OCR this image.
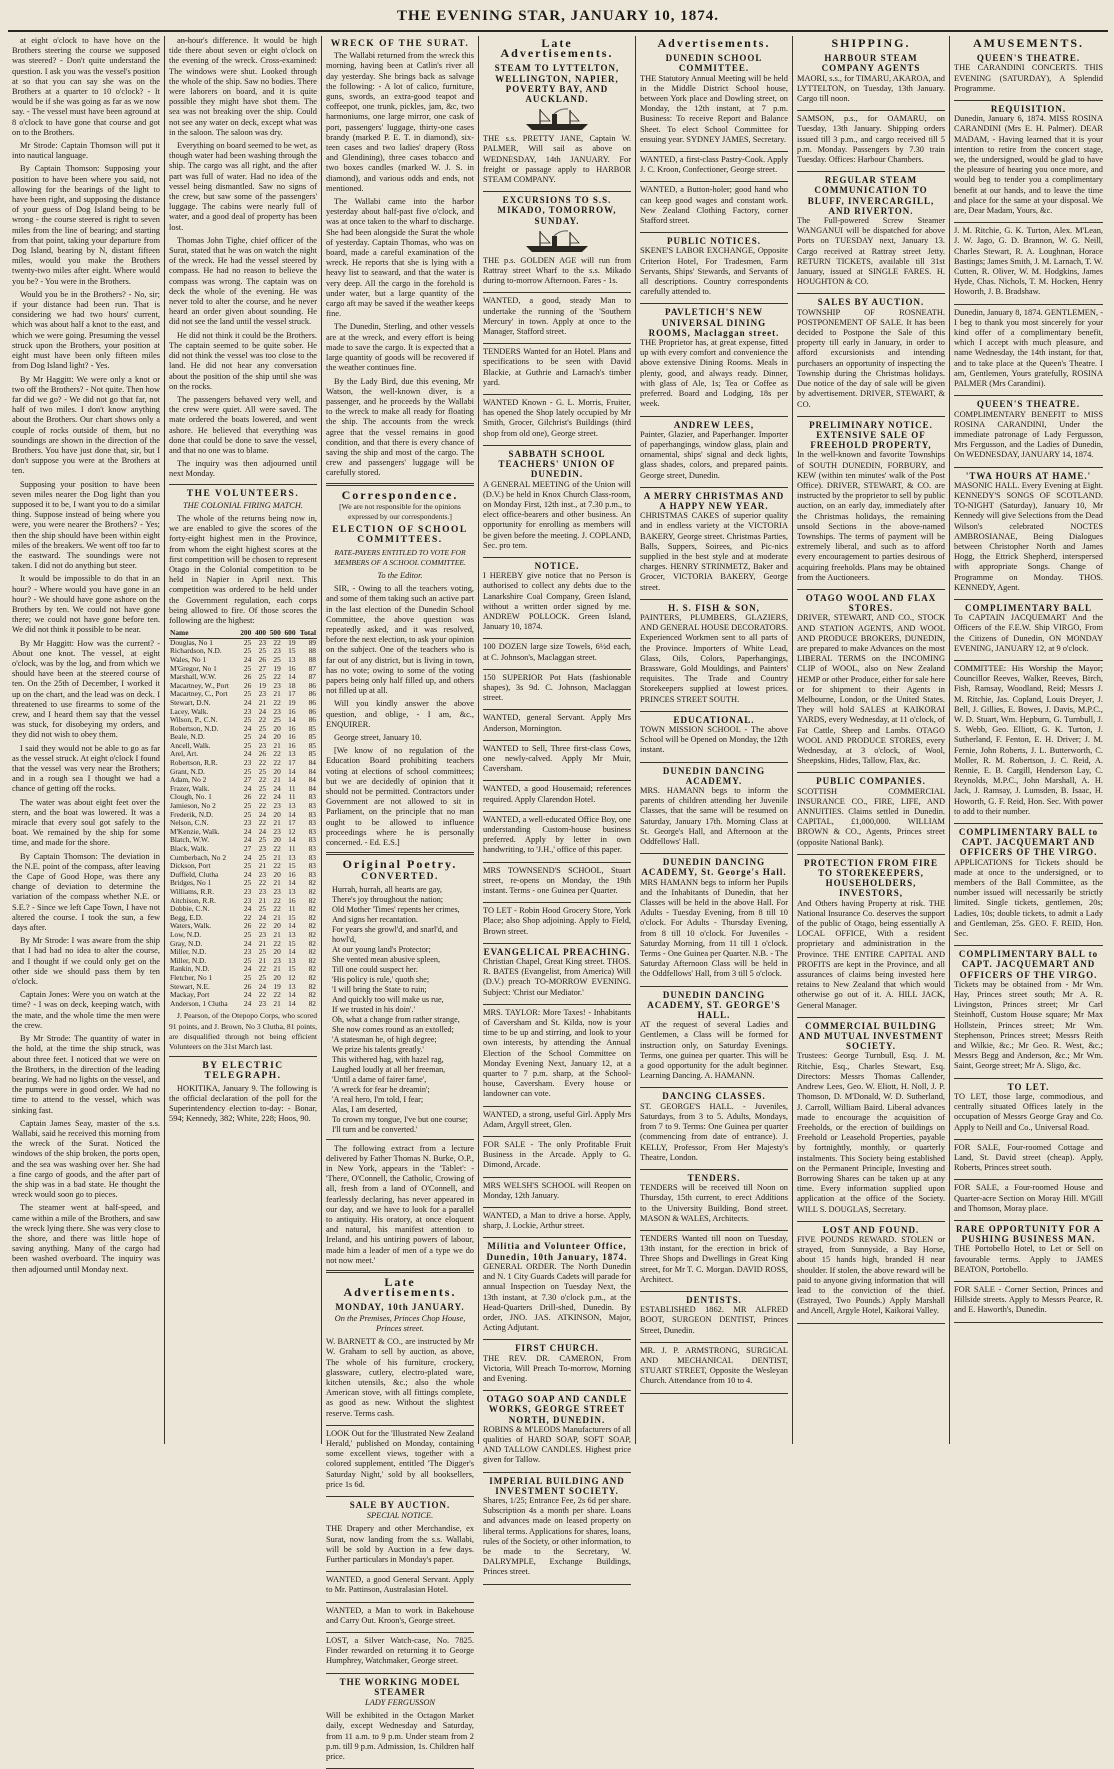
THE EVENING STAR, JANUARY 10, 1874.

at eight o'clock to have hove on the Brothers steering the course we supposed was steered? - Don't quite understand the question. I ask you was the vessel's position at so that you can say she was on the Brothers at a quarter to 10 o'clock? - It would be if she was going as far as we now say. - The vessel must have been aground at 8 o'clock to have gone that course and got on to the Brothers.

Mr Strode: Captain Thomson will put it into nautical language.

By Captain Thomson: Supposing your position to have been where you said, not allowing for the bearings of the light to have been right, and supposing the distance of your guess of Dog Island being to be wrong - the course steered is right to seven miles from the line of bearing; and starting from that point, taking your departure from Dog Island, bearing by N, distant fifteen miles, would you make the Brothers twenty-two miles after eight. Where would you be? - You were in the Brothers.

Would you be in the Brothers? - No, sir; if your distance had been run. That is considering we had two hours' current, which was about half a knot to the east, and which we were going. Presuming the vessel struck upon the Brothers, your position at eight must have been only fifteen miles from Dog Island light? - Yes.

By Mr Haggitt: We were only a knot or two off the Brothers? - Not quite. Then how far did we go? - We did not go that far, not half of two miles. I don't know anything about the Brothers. Our chart shows only a couple of rocks outside of them, but no soundings are shown in the direction of the Brothers. You have just done that, sir, but I don't suppose you were at the Brothers at ten.

Supposing your position to have been seven miles nearer the Dog light than you supposed it to be, I want you to do a similar thing. Suppose instead of being where you were, you were nearer the Brothers? - Yes; then the ship should have been within eight miles of the breakers. We went off too far to the eastward. The soundings were not taken. I did not do anything but steer.

It would be impossible to do that in an hour? - Where would you have gone in an hour? - We should have gone ashore on the Brothers by ten. We could not have gone there; we could not have gone before ten. We did not think it possible to be near.

By Mr Haggitt: How was the current? - About one knot. The vessel, at eight o'clock, was by the log, and from which we should have been at the steered course of ten. On the 25th of December, I worked it up on the chart, and the lead was on deck. I threatened to use firearms to some of the crew, and I heard them say that the vessel was stuck, for disobeying my orders, and they did not wish to obey them.

I said they would not be able to go as far as the vessel struck. At eight o'clock I found that the vessel was very near the Brothers; and in a rough sea I thought we had a chance of getting off the rocks.

The water was about eight feet over the stern, and the boat was lowered. It was a miracle that every soul got safely to the boat. We remained by the ship for some time, and made for the shore.

By Captain Thomson: The deviation in the N.E. point of the compass, after leaving the Cape of Good Hope, was there any change of deviation to determine the variation of the compass whether N.E. or S.E.? - Since we left Cape Town, I have not altered the course. I took the sun, a few days after.

By Mr Strode: I was aware from the ship that I had had no idea to alter the course, and I thought if we could only get on the other side we should pass them by ten o'clock.

Captain Jones: Were you on watch at the time? - I was on deck, keeping watch, with the mate, and the whole time the men were the crew.

By Mr Strode: The quantity of water in the hold, at the time the ship struck, was about three feet. I noticed that we were on the Brothers, in the direction of the leading bearing. We had no lights on the vessel, and the pumps were in good order. We had no time to attend to the vessel, which was sinking fast.

Captain James Seay, master of the s.s. Wallabi, said he received this morning from the wreck of the Surat. Noticed the windows of the ship broken, the ports open, and the sea was washing over her. She had a fine cargo of goods, and the after part of the ship was in a bad state. He thought the wreck would soon go to pieces.

The steamer went at half-speed, and came within a mile of the Brothers, and saw the wreck lying there. She was very close to the shore, and there was little hope of saving anything. Many of the cargo had been washed overboard. The inquiry was then adjourned until Monday next.

an-hour's difference. It would be high tide there about seven or eight o'clock on the evening of the wreck. Cross-examined: The windows were shut. Looked through the whole of the ship. Saw no bodies. There were laborers on board, and it is quite possible they might have shot them. The sea was not breaking over the ship. Could not see any water on deck, except what was in the saloon. The saloon was dry.

Everything on board seemed to be wet, as though water had been washing through the ship. The cargo was all right, and the after part was full of water. Had no idea of the vessel being dismantled. Saw no signs of the crew, but saw some of the passengers' luggage. The cabins were nearly full of water, and a good deal of property has been lost.

Thomas John Tighe, chief officer of the Surat, stated that he was on watch the night of the wreck. He had the vessel steered by compass. He had no reason to believe the compass was wrong. The captain was on deck the whole of the evening. He was never told to alter the course, and he never heard an order given about sounding. He did not see the land until the vessel struck.

He did not think it could be the Brothers. The captain seemed to be quite sober. He did not think the vessel was too close to the land. He did not hear any conversation about the position of the ship until she was on the rocks.

The passengers behaved very well, and the crew were quiet. All were saved. The mate ordered the boats lowered, and went ashore. He believed that everything was done that could be done to save the vessel, and that no one was to blame.

The inquiry was then adjourned until next Monday.

THE VOLUNTEERS.
THE COLONIAL FIRING MATCH.

The whole of the returns being now in, we are enabled to give the scores of the forty-eight highest men in the Province, from whom the eight highest scores at the first competition will be chosen to represent Otago in the Colonial competition to be held in Napier in April next. This competition was ordered to be held under the Government regulation, each corps being allowed to fire. Of those scores the following are the highest:

Name	200	400	500	600	Total
Douglas, No 1	25	23	22	19	89
Richardson, N.D.	25	25	23	15	88
Wales, No 1	24	26	25	13	88
M'Gregor, No 1	25	27	19	16	87
Marshall, W.W.	26	25	22	14	87
Macartney, W., Port	26	19	23	18	86
Macartney, C., Port	25	23	21	17	86
Stewart, D.N.	24	21	22	19	86
Lacey, Walk.	23	24	23	16	86
Wilson, P., C.N.	25	22	25	14	86
Robertson, N.D.	24	25	20	16	85
Beale, N.D.	25	24	20	16	85
Ancell, Walk.	25	23	21	16	85
Arel, Art.	24	26	22	13	85
Robertson, R.R.	23	22	22	17	84
Grant, N.D.	25	25	20	14	84
Adam, No 2	27	22	21	14	84
Frazer, Walk.	24	25	24	11	84
Clough, No. 1	26	22	24	11	83
Jamieson, No 2	25	22	23	13	83
Frederik, N.D.	25	24	20	14	83
Nelson, C.N.	23	22	21	17	83
M'Kenzie, Walk.	24	24	23	12	83
Blatch, W.W.	24	25	20	14	83
Black, Walk.	27	23	22	11	83
Cumberbach, No 2	24	25	21	13	83
Dickson, Port	25	21	22	15	83
Duffield, Clutha	24	23	20	16	83
Bridges, No 1	25	22	21	14	82
Williams, R.R.	23	23	23	13	82
Aitchison, R.R.	23	21	22	16	82
Dobbie, C.N.	24	25	22	11	82
Begg, E.D.	22	24	21	15	82
Waters, Walk.	26	22	20	14	82
Low, N.D.	25	23	21	13	82
Gray, N.D.	24	21	22	15	82
Miller, N.D.	23	25	20	14	82
Miller, N.D.	25	21	23	13	82
Rankin, N.D.	24	22	21	15	82
Fletcher, No 1	25	25	20	12	82
Stewart, N.E.	26	24	19	13	82
Mackay, Port	24	22	22	14	82
Anderson, 1 Clutha	24	23	21	14	82

J. Pearson, of the Otepopo Corps, who scored 91 points, and J. Brown, No 3 Clutha, 81 points, are disqualified through not being efficient Volunteers on the 31st March last.

BY ELECTRIC TELEGRAPH.

HOKITIKA, January 9. The following is the official declaration of the poll for the Superintendency election to-day: - Bonar, 594; Kennedy, 382; White, 228; Hoos, 90.

WRECK OF THE SURAT.

The Wallabi returned from the wreck this morning, having been at Catlin's river all day yesterday. She brings back as salvage the following: - A lot of calico, furniture, guns, swords, an extra-good teapot and coffeepot, one trunk, pickles, jam, &c, two harmoniums, one large mirror, one cask of port, passengers' luggage, thirty-one cases brandy (marked P. E. T. in diamond), six-teen cases and two ladies' drapery (Ross and Glendining), three cases tobacco and two boxes candles (marked W. J. S. in diamond), and various odds and ends, not mentioned.

The Wallabi came into the harbor yesterday about half-past five o'clock, and was at once taken to the wharf to discharge. She had been alongside the Surat the whole of yesterday. Captain Thomas, who was on board, made a careful examination of the wreck. He reports that she is lying with a heavy list to seaward, and that the water is very deep. All the cargo in the forehold is under water, but a large quantity of the cargo aft may be saved if the weather keeps fine.

The Dunedin, Sterling, and other vessels are at the wreck, and every effort is being made to save the cargo. It is expected that a large quantity of goods will be recovered if the weather continues fine.

By the Lady Bird, due this evening, Mr Watson, the well-known diver, is a passenger, and he proceeds by the Wallabi to the wreck to make all ready for floating the ship. The accounts from the wreck agree that the vessel remains in good condition, and that there is every chance of saving the ship and most of the cargo. The crew and passengers' luggage will be carefully stored.

Correspondence.

[We are not responsible for the opinions expressed by our correspondents.]

ELECTION OF SCHOOL COMMITTEES.
RATE-PAYERS ENTITLED TO VOTE FOR MEMBERS OF A SCHOOL COMMITTEE.
To the Editor.

SIR, - Owing to all the teachers voting, and some of them taking such an active part in the last election of the Dunedin School Committee, the above question was repeatedly asked, and it was resolved, before the next election, to ask your opinion on the subject. One of the teachers who is far out of any district, but is living in town, has no vote; owing to some of the voting papers being only half filled up, and others not filled up at all.

Will you kindly answer the above question, and oblige, - I am, &c., ENQUIRER.

George street, January 10.

[We know of no regulation of the Education Board prohibiting teachers voting at elections of school committees; but we are decidedly of opinion that it should not be permitted. Contractors under Government are not allowed to sit in Parliament, on the principle that no man ought to be allowed to influence proceedings where he is personally concerned. - Ed. E.S.]

Original Poetry.
CONVERTED.
Hurrah, hurrah, all hearts are gay,
There's joy throughout the nation;
Old Mother 'Times' repents her crimes,
And signs her recantation.
For years she growl'd, and snarl'd, and howl'd,
At our young land's Protector;
She vented mean abusive spleen,
Till one could suspect her.
'His policy is rule,' quoth she;
'I will bring the State to ruin;
And quickly too will make us rue,
If we trusted in his doin'.'
Oh, what a change from rather strange,
She now comes round as an extolled;
'A statesman he, of high degree;
We prize his talents greatly.'
This withered hag, with hazel rag,
Laughed loudly at all her freeman,
'Until a dame of fairer fame',
'A wreck for fear he dreamin';
'A real hero, I'm told, I fear;
Alas, I am deserted,
To crown my tongue, I've but one course;
I'll turn and be converted.'

The following extract from a lecture delivered by Father Thomas N. Burke, O.P., in New York, appears in the 'Tablet': - 'There, O'Connell, the Catholic, Crowing of all, fresh from a land of O'Connell, and fearlessly declaring, has never appeared in our day, and we have to look for a parallel to antiquity. His oratory, at once eloquent and natural, his manifest attention to Ireland, and his untiring powers of labour, made him a leader of men of a type we do not now meet.'

Late Advertisements.
MONDAY, 10th JANUARY.
On the Premises, Princes Chop House, Princes street.

W. BARNETT & CO., are instructed by Mr W. Graham to sell by auction, as above, The whole of his furniture, crockery, glassware, cutlery, electro-plated ware, kitchen utensils, &c.; also the whole American stove, with all fittings complete, as good as new. Without the slightest reserve. Terms cash.

LOOK Out for the 'Illustrated New Zealand Herald,' published on Monday, containing some excellent views, together with a colored supplement, entitled 'The Digger's Saturday Night,' sold by all booksellers, price 1s 6d.

SALE BY AUCTION.
SPECIAL NOTICE.

THE Drapery and other Merchandise, ex Surat, now landing from the s.s. Wallabi, will be sold by Auction in a few days. Further particulars in Monday's paper.

WANTED, a good General Servant. Apply to Mr. Pattinson, Australasian Hotel.

WANTED, a Man to work in Bakehouse and Carry Out. Kroon's, George street.

LOST, a Silver Watch-case, No. 7825. Finder rewarded on returning it to George Humphrey, Watchmaker, George street.

THE WORKING MODEL STEAMER
LADY FERGUSSON

Will be exhibited in the Octagon Market daily, except Wednesday and Saturday, from 11 a.m. to 9 p.m. Under steam from 2 p.m. till 9 p.m. Admission, 1s. Children half price.

Late Advertisements.
STEAM TO LYTTELTON, WELLINGTON, NAPIER, POVERTY BAY, AND AUCKLAND.

THE s.s. PRETTY JANE, Captain W. PALMER, Will sail as above on WEDNESDAY, 14th JANUARY. For freight or passage apply to HARBOR STEAM COMPANY.

EXCURSIONS TO S.S. MIKADO, TOMORROW, SUNDAY.

THE p.s. GOLDEN AGE will run from Rattray street Wharf to the s.s. Mikado during to-morrow Afternoon. Fares - 1s.

WANTED, a good, steady Man to undertake the running of the 'Southern Mercury' in town. Apply at once to the Manager, Stafford street.

TENDERS Wanted for an Hotel. Plans and specifications to be seen with David Blackie, at Guthrie and Larnach's timber yard.

WANTED Known - G. L. Morris, Fruiter, has opened the Shop lately occupied by Mr Smith, Grocer, Gilchrist's Buildings (third shop from old one), George street.

SABBATH SCHOOL TEACHERS' UNION OF DUNEDIN.

A GENERAL MEETING of the Union will (D.V.) be held in Knox Church Class-room, on Monday First, 12th inst., at 7.30 p.m., to elect office-bearers and other business. An opportunity for enrolling as members will be given before the meeting. J. COPLAND, Sec. pro tem.

NOTICE.

I HEREBY give notice that no Person is authorised to collect any debts due to the Lanarkshire Coal Company, Green Island, without a written order signed by me. ANDREW POLLOCK. Green Island, January 10, 1874.

100 DOZEN large size Towels, 6½d each, at C. Johnson's, Maclaggan street.

150 SUPERIOR Pot Hats (fashionable shapes), 3s 9d. C. Johnson, Maclaggan street.

WANTED, general Servant. Apply Mrs Anderson, Mornington.

WANTED to Sell, Three first-class Cows, one newly-calved. Apply Mr Muir, Caversham.

WANTED, a good Housemaid; references required. Apply Clarendon Hotel.

WANTED, a well-educated Office Boy, one understanding Custom-house business preferred. Apply by letter in own handwriting, to 'J.H.,' office of this paper.

MRS TOWNSEND'S SCHOOL, Stuart street, re-opens on Monday, the 19th instant. Terms - one Guinea per Quarter.

TO LET - Robin Hood Grocery Store, York Place; also Shop adjoining. Apply to Field, Brown street.

EVANGELICAL PREACHING.

Christian Chapel, Great King street. THOS. R. BATES (Evangelist, from America) Will (D.V.) preach TO-MORROW EVENING. Subject: 'Christ our Mediator.'

MRS. TAYLOR: More Taxes! - Inhabitants of Caversham and St. Kilda, now is your time to be up and stirring, and look to your own interests, by attending the Annual Election of the School Committee on Monday Evening Next, January 12, at a quarter to 7 p.m. sharp, at the School-house, Caversham. Every house or landowner can vote.

WANTED, a strong, useful Girl. Apply Mrs Adam, Argyll street, Glen.

FOR SALE - The only Profitable Fruit Business in the Arcade. Apply to G. Dimond, Arcade.

MRS WELSH'S SCHOOL will Reopen on Monday, 12th January.

WANTED, a Man to drive a horse. Apply, sharp, J. Lockie, Arthur street.

Militia and Volunteer Office, Dunedin, 10th January, 1874.

GENERAL ORDER. The North Dunedin and N. 1 City Guards Cadets will parade for annual Inspection on Tuesday Next, the 13th instant, at 7.30 o'clock p.m., at the Head-Quarters Drill-shed, Dunedin. By order, JNO. JAS. ATKINSON, Major, Acting Adjutant.

FIRST CHURCH.

THE REV. DR. CAMERON, From Victoria, Will Preach To-morrow, Morning and Evening.

OTAGO SOAP AND CANDLE WORKS, GEORGE STREET NORTH, DUNEDIN.

ROBINS & M'LEODS Manufacturers of all qualities of HARD SOAP, SOFT SOAP, AND TALLOW CANDLES. Highest price given for Tallow.

IMPERIAL BUILDING AND INVESTMENT SOCIETY.

Shares, 1/25; Entrance Fee, 2s 6d per share. Subscription 4s a month per share. Loans and advances made on leased property on liberal terms. Applications for shares, loans, rules of the Society, or other information, to be made to the Secretary, W. DALRYMPLE, Exchange Buildings, Princes street.

Advertisements.
DUNEDIN SCHOOL COMMITTEE.

THE Statutory Annual Meeting will be held in the Middle District School house, between York place and Dowling street, on Monday, the 12th instant, at 7 p.m. Business: To receive Report and Balance Sheet. To elect School Committee for ensuing year. SYDNEY JAMES, Secretary.

WANTED, a first-class Pastry-Cook. Apply J. C. Kroon, Confectioner, George street.

WANTED, a Button-holer; good hand who can keep good wages and constant work. New Zealand Clothing Factory, corner Stafford street.

PUBLIC NOTICES.

SKENE'S LABOR EXCHANGE, Opposite Criterion Hotel, For Tradesmen, Farm Servants, Ships' Stewards, and Servants of all descriptions. Country correspondents carefully attended to.

PAVLETICH'S NEW UNIVERSAL DINING ROOMS, Maclaggan street.

THE Proprietor has, at great expense, fitted up with every comfort and convenience the above extensive Dining Rooms. Meals in plenty, good, and always ready. Dinner, with glass of Ale, 1s; Tea or Coffee as preferred. Board and Lodging, 18s per week.

ANDREW LEES,

Painter, Glazier, and Paperhanger. Importer of paperhangings, window glass, plain and ornamental, ships' signal and deck lights, glass shades, colors, and prepared paints. George street, Dunedin.

A MERRY CHRISTMAS AND A HAPPY NEW YEAR.

CHRISTMAS CAKES of superior quality and in endless variety at the VICTORIA BAKERY, George street. Christmas Parties, Balls, Suppers, Soirees, and Pic-nics supplied in the best style and at moderate charges. HENRY STRINMETZ, Baker and Grocer, VICTORIA BAKERY, George street.

H. S. FISH & SON,

PAINTERS, PLUMBERS, GLAZIERS, AND GENERAL HOUSE DECORATORS. Experienced Workmen sent to all parts of the Province. Importers of White Lead, Glass, Oils, Colors, Paperhangings, Brassware, Gold Mouldings, and Painters' requisites. The Trade and Country Storekeepers supplied at lowest prices. PRINCES STREET SOUTH.

EDUCATIONAL.

TOWN MISSION SCHOOL - The above School will be Opened on Monday, the 12th instant.

DUNEDIN DANCING ACADEMY.

MRS. HAMANN begs to inform the parents of children attending her Juvenile Classes, that the same will be resumed on Saturday, January 17th. Morning Class at St. George's Hall, and Afternoon at the Oddfellows' Hall.

DUNEDIN DANCING ACADEMY, St. George's Hall.

MRS HAMANN begs to inform her Pupils and the Inhabitants of Dunedin, that her Classes will be held in the above Hall. For Adults - Tuesday Evening, from 8 till 10 o'clock. For Adults - Thursday Evening, from 8 till 10 o'clock. For Juveniles - Saturday Morning, from 11 till 1 o'clock. Terms - One Guinea per Quarter. N.B. - The Saturday Afternoon Class will be held in the Oddfellows' Hall, from 3 till 5 o'clock.

DUNEDIN DANCING ACADEMY, ST. GEORGE'S HALL.

AT the request of several Ladies and Gentlemen, a Class will be formed for instruction only, on Saturday Evenings. Terms, one guinea per quarter. This will be a good opportunity for the adult beginner. Learning Dancing. A. HAMANN.

DANCING CLASSES.

ST. GEORGE'S HALL. - Juveniles, Saturdays, from 3 to 5. Adults, Mondays, from 7 to 9. Terms: One Guinea per quarter (commencing from date of entrance). J. KELLY, Professor, From Her Majesty's Theatre, London.

TENDERS.

TENDERS will be received till Noon on Thursday, 15th current, to erect Additions to the University Building, Bond street. MASON & WALES, Architects.

TENDERS Wanted till noon on Tuesday, 13th instant, for the erection in brick of Three Shops and Dwellings in Great King street, for Mr T. C. Morgan. DAVID ROSS, Architect.

DENTISTS.

ESTABLISHED 1862. MR ALFRED BOOT, SURGEON DENTIST, Princes Street, Dunedin.

MR. J. P. ARMSTRONG, SURGICAL AND MECHANICAL DENTIST, STUART STREET, Opposite the Wesleyan Church. Attendance from 10 to 4.

SHIPPING.
HARBOUR STEAM COMPANY AGENTS

MAORI, s.s., for TIMARU, AKAROA, and LYTTELTON, on Tuesday, 13th January. Cargo till noon.

SAMSON, p.s., for OAMARU, on Tuesday, 13th January. Shipping orders issued till 3 p.m., and cargo received till 5 p.m. Monday. Passengers by 7.30 train Tuesday. Offices: Harbour Chambers.

REGULAR STEAM COMMUNICATION TO BLUFF, INVERCARGILL, AND RIVERTON.

The Full-powered Screw Steamer WANGANUI will be dispatched for above Ports on TUESDAY next, January 13. Cargo received at Rattray street Jetty. RETURN TICKETS, available till 31st January, issued at SINGLE FARES. H. HOUGHTON & CO.

SALES BY AUCTION.

TOWNSHIP OF ROSNEATH. POSTPONEMENT OF SALE. It has been decided to Postpone the Sale of this property till early in January, in order to afford excursionists and intending purchasers an opportunity of inspecting the Township during the Christmas holidays. Due notice of the day of sale will be given by advertisement. DRIVER, STEWART, & CO.

PRELIMINARY NOTICE. EXTENSIVE SALE OF FREEHOLD PROPERTY,

In the well-known and favorite Townships of SOUTH DUNEDIN, FORBURY, and KEW (within ten minutes' walk of the Post Office). DRIVER, STEWART, & CO. are instructed by the proprietor to sell by public auction, on an early day, immediately after the Christmas holidays, the remaining unsold Sections in the above-named Townships. The terms of payment will be extremely liberal, and such as to afford every encouragement to parties desirous of acquiring freeholds. Plans may be obtained from the Auctioneers.

OTAGO WOOL AND FLAX STORES.

DRIVER, STEWART, AND CO., STOCK AND STATION AGENTS, AND WOOL AND PRODUCE BROKERS, DUNEDIN, are prepared to make Advances on the most LIBERAL TERMS on the INCOMING CLIP of WOOL, also on New Zealand HEMP or other Produce, either for sale here or for shipment to their Agents in Melbourne, London, or the United States. They will hold SALES at KAIKORAI YARDS, every Wednesday, at 11 o'clock, of Fat Cattle, Sheep and Lambs. OTAGO WOOL AND PRODUCE STORES, every Wednesday, at 3 o'clock, of Wool, Sheepskins, Hides, Tallow, Flax, &c.

PUBLIC COMPANIES.

SCOTTISH COMMERCIAL INSURANCE CO., FIRE, LIFE, AND ANNUITIES. Claims settled in Dunedin. CAPITAL, £1,000,000. WILLIAM BROWN & CO., Agents, Princes street (opposite National Bank).

PROTECTION FROM FIRE TO STOREKEEPERS, HOUSEHOLDERS, INVESTORS,

And Others having Property at risk. THE National Insurance Co. deserves the support of the public of Otago, being essentially A LOCAL OFFICE, With a resident proprietary and administration in the Province. THE ENTIRE CAPITAL AND PROFITS are kept in the Province, and all assurances of claims being invested here retains to New Zealand that which would otherwise go out of it. A. HILL JACK, General Manager.

COMMERCIAL BUILDING AND MUTUAL INVESTMENT SOCIETY.

Trustees: George Turnbull, Esq. J. M. Ritchie, Esq., Charles Stewart, Esq. Directors: Messrs Thomas Callender, Andrew Lees, Geo. W. Eliott, H. Noll, J. P. Thomson, D. M'Donald, W. D. Sutherland, J. Carroll, William Baird. Liberal advances made to encourage the acquisition of Freeholds, or the erection of buildings on Freehold or Leasehold Properties, payable by fortnightly, monthly, or quarterly instalments. This Society being established on the Permanent Principle, Investing and Borrowing Shares can be taken up at any time. Every information supplied upon application at the office of the Society. WILL S. DOUGLAS, Secretary.

LOST AND FOUND.

FIVE POUNDS REWARD. STOLEN or strayed, from Sunnyside, a Bay Horse, about 15 hands high, branded H near shoulder. If stolen, the above reward will be paid to anyone giving information that will lead to the conviction of the thief. (Estrayed, Two Pounds.) Apply Marshall and Ancell, Argyle Hotel, Kaikorai Valley.

AMUSEMENTS.
QUEEN'S THEATRE.

THE CARANDINI CONCERTS. THIS EVENING (SATURDAY), A Splendid Programme.

REQUISITION.

Dunedin, January 6, 1874. MISS ROSINA CARANDINI (Mrs E. H. Palmer). DEAR MADAM, - Having learned that it is your intention to retire from the concert stage, we, the undersigned, would be glad to have the pleasure of hearing you once more, and would beg to tender you a complimentary benefit at our hands, and to leave the time and place for the same at your disposal. We are, Dear Madam, Yours, &c.

J. M. Ritchie, G. K. Turton, Alex. M'Lean, J. W. Jago, G. D. Brannon, W. G. Neill, Charles Stewart, R. A. Loughnan, Horace Bastings; James Smith, J. M. Larnach, T. W. Cutten, R. Oliver, W. M. Hodgkins, James Hyde, Chas. Nichols, T. M. Hocken, Henry Howorth, J. B. Bradshaw.

Dunedin, January 8, 1874. GENTLEMEN, - I beg to thank you most sincerely for your kind offer of a complimentary benefit, which I accept with much pleasure, and name Wednesday, the 14th instant, for that, and to take place at the Queen's Theatre. I am, Gentlemen, Yours gratefully, ROSINA PALMER (Mrs Carandini).

QUEEN'S THEATRE.

COMPLIMENTARY BENEFIT to MISS ROSINA CARANDINI, Under the immediate patronage of Lady Fergusson, Mrs Fergusson, and the Ladies of Dunedin, On WEDNESDAY, JANUARY 14, 1874.

'TWA HOURS AT HAME.'

MASONIC HALL. Every Evening at Eight. KENNEDY'S SONGS OF SCOTLAND. TO-NIGHT (Saturday), January 10, Mr Kennedy will give Selections from the Dead Wilson's celebrated NOCTES AMBROSIANAE, Being Dialogues between Christopher North and James Hogg, the Ettrick Shepherd, interspersed with appropriate Songs. Change of Programme on Monday. THOS. KENNEDY, Agent.

COMPLIMENTARY BALL

To CAPTAIN JACQUEMART And the Officers of the F.E.W. Ship VIRGO, From the Citizens of Dunedin, ON MONDAY EVENING, JANUARY 12, at 9 o'clock.

COMMITTEE: His Worship the Mayor; Councillor Reeves, Walker, Reeves, Birch, Fish, Ramsay, Woodland, Reid; Messrs J. M. Ritchie, Jas. Copland, Louis Dreyer, J. Bell, J. Gillies, E. Bowes, J. Davis, M.P.C., W. D. Stuart, Wm. Hepburn, G. Turnbull, J. S. Webb, Geo. Elliott, G. K. Turton, J. Sutherland, F. Fenton, E. H. Driver; J. M. Fernie, John Roberts, J. L. Butterworth, C. Moller, R. M. Robertson, J. C. Reid, A. Rennie, E. B. Cargill, Henderson Lay, C. Reynolds, M.P.C., John Marshall, A. H. Jack, J. Ramsay, J. Lumsden, B. Isaac, H. Howorth, G. F. Reid, Hon. Sec. With power to add to their number.

COMPLIMENTARY BALL to CAPT. JACQUEMART AND OFFICERS OF THE VIRGO.

APPLICATIONS for Tickets should be made at once to the undersigned, or to members of the Ball Committee, as the number issued will necessarily be strictly limited. Single tickets, gentlemen, 20s; Ladies, 10s; double tickets, to admit a Lady and Gentleman, 25s. GEO. F. REID, Hon. Sec.

COMPLIMENTARY BALL to CAPT. JACQUEMART AND OFFICERS OF THE VIRGO.

Tickets may be obtained from - Mr Wm. Hay, Princes street south; Mr A. R. Livingston, Princes street; Mr Carl Steinhoff, Custom House square; Mr Max Hollstein, Princes street; Mr Wm. Stephenson, Princes street; Messrs Reith and Wilkie, &c.; Mr Geo. R. West, &c.; Messrs Begg and Anderson, &c.; Mr Wm. Saint, George street; Mr A. Sligo, &c.

TO LET.

TO LET, those large, commodious, and centrally situated Offices lately in the occupation of Messrs George Gray and Co. Apply to Neill and Co., Universal Road.

FOR SALE, Four-roomed Cottage and Land, St. David street (cheap). Apply, Roberts, Princes street south.

FOR SALE, a Four-roomed House and Quarter-acre Section on Moray Hill. M'Gill and Thomson, Moray place.

RARE OPPORTUNITY FOR A PUSHING BUSINESS MAN.

THE Portobello Hotel, to Let or Sell on favourable terms. Apply to JAMES BEATON, Portobello.

FOR SALE - Corner Section, Princes and Hillside streets. Apply to Messrs Pearce, R. and E. Haworth's, Dunedin.
